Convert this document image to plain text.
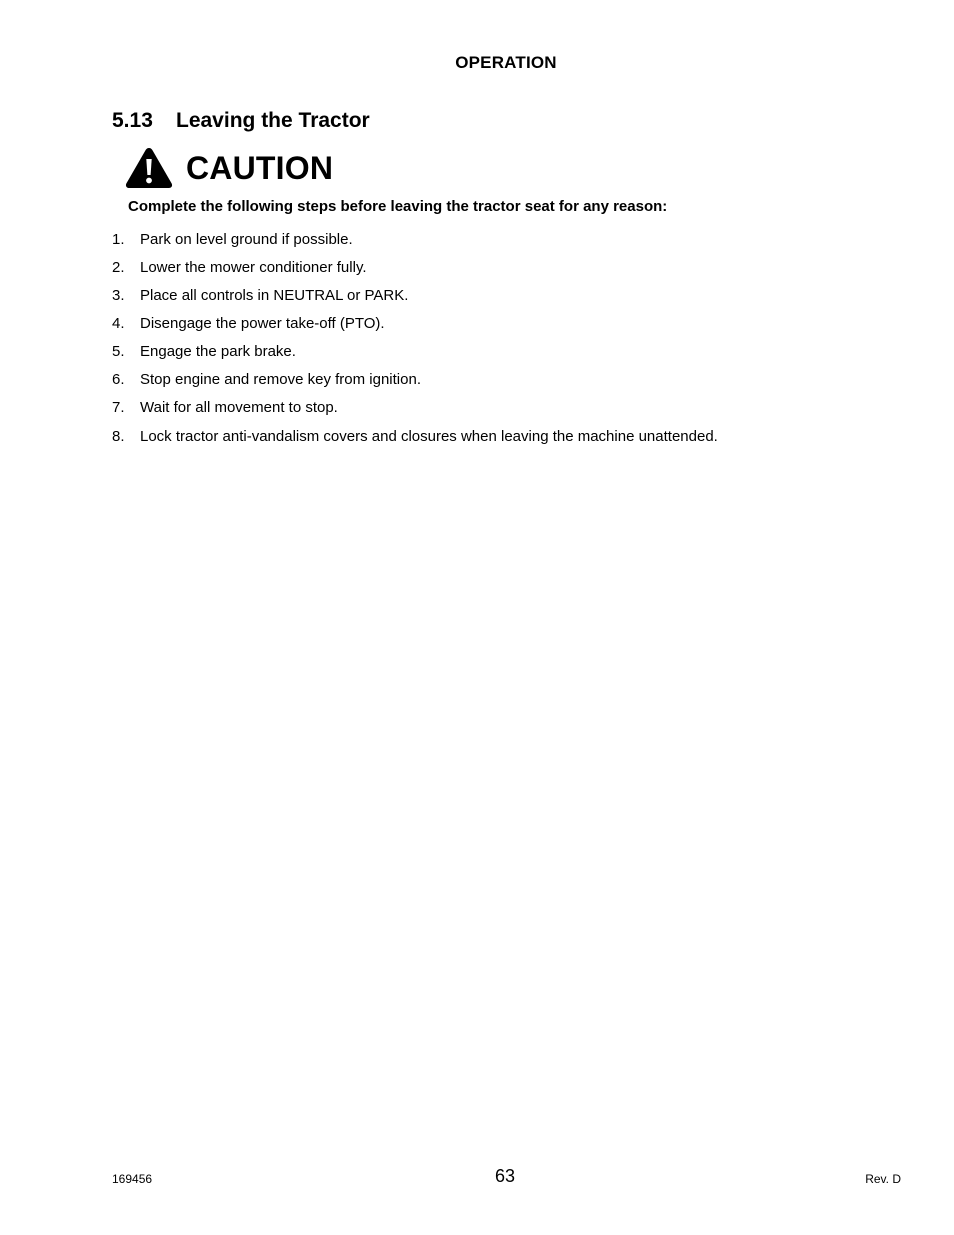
OPERATION
5.13 Leaving the Tractor
CAUTION
Complete the following steps before leaving the tractor seat for any reason:
1.	Park on level ground if possible.
2.	Lower the mower conditioner fully.
3.	Place all controls in NEUTRAL or PARK.
4.	Disengage the power take-off (PTO).
5.	Engage the park brake.
6.	Stop engine and remove key from ignition.
7.	Wait for all movement to stop.
8.	Lock tractor anti-vandalism covers and closures when leaving the machine unattended.
169456	63	Rev. D
